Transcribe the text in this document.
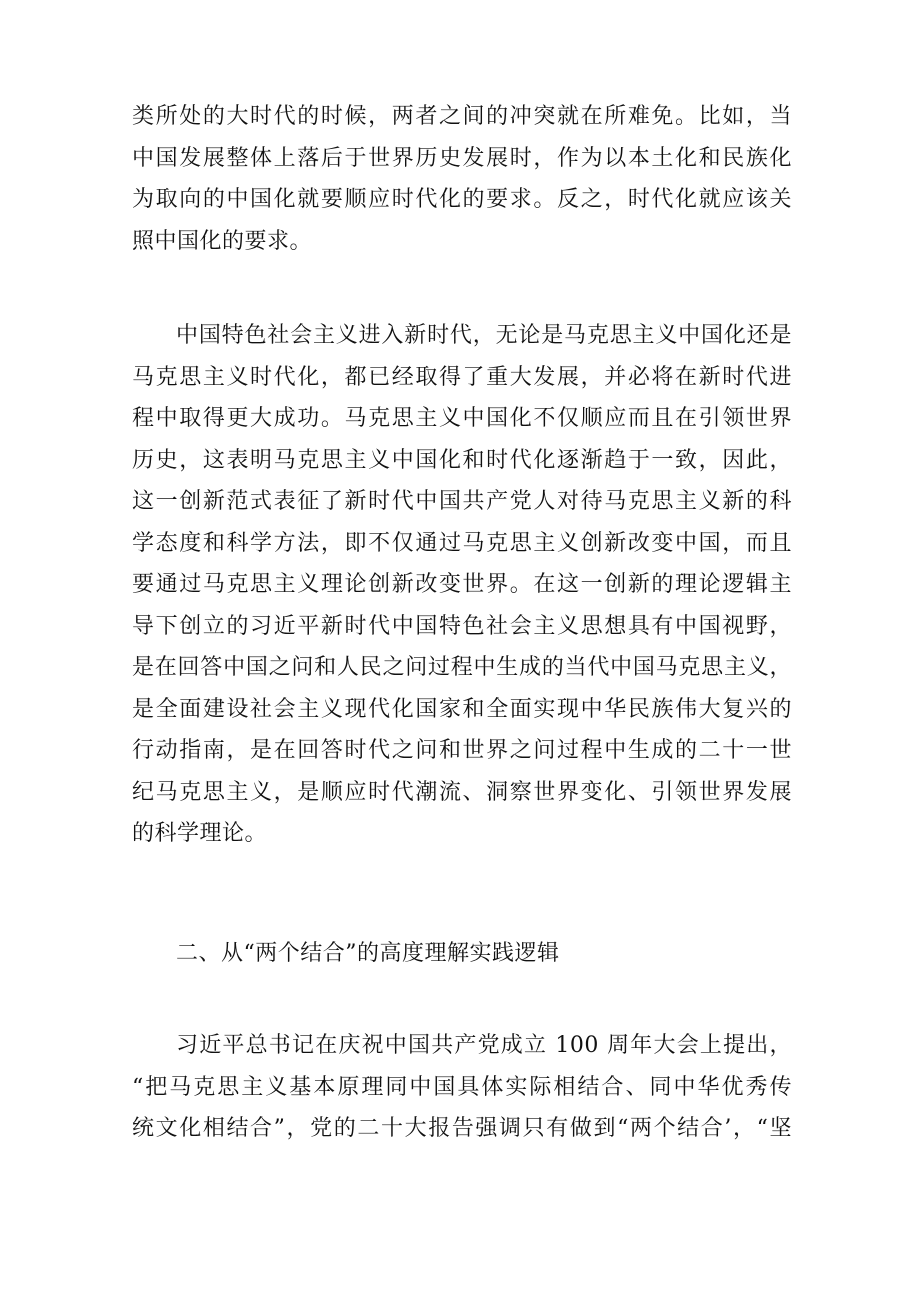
类所处的大时代的时候，两者之间的冲突就在所难免。比如，当
中国发展整体上落后于世界历史发展时，作为以本土化和民族化
为取向的中国化就要顺应时代化的要求。反之，时代化就应该关
照中国化的要求。
中国特色社会主义进入新时代，无论是马克思主义中国化还是
马克思主义时代化，都已经取得了重大发展，并必将在新时代进
程中取得更大成功。马克思主义中国化不仅顺应而且在引领世界
历史，这表明马克思主义中国化和时代化逐渐趋于一致，因此，
这一创新范式表征了新时代中国共产党人对待马克思主义新的科
学态度和科学方法，即不仅通过马克思主义创新改变中国，而且
要通过马克思主义理论创新改变世界。在这一创新的理论逻辑主
导下创立的习近平新时代中国特色社会主义思想具有中国视野，
是在回答中国之问和人民之问过程中生成的当代中国马克思主义，
是全面建设社会主义现代化国家和全面实现中华民族伟大复兴的
行动指南，是在回答时代之问和世界之问过程中生成的二十一世
纪马克思主义，是顺应时代潮流、洞察世界变化、引领世界发展
的科学理论。
二、从“两个结合”的高度理解实践逻辑
习近平总书记在庆祝中国共产党成立 100 周年大会上提出，
“把马克思主义基本原理同中国具体实际相结合、同中华优秀传
统文化相结合”，党的二十大报告强调只有做到“两个结合’，“坚
